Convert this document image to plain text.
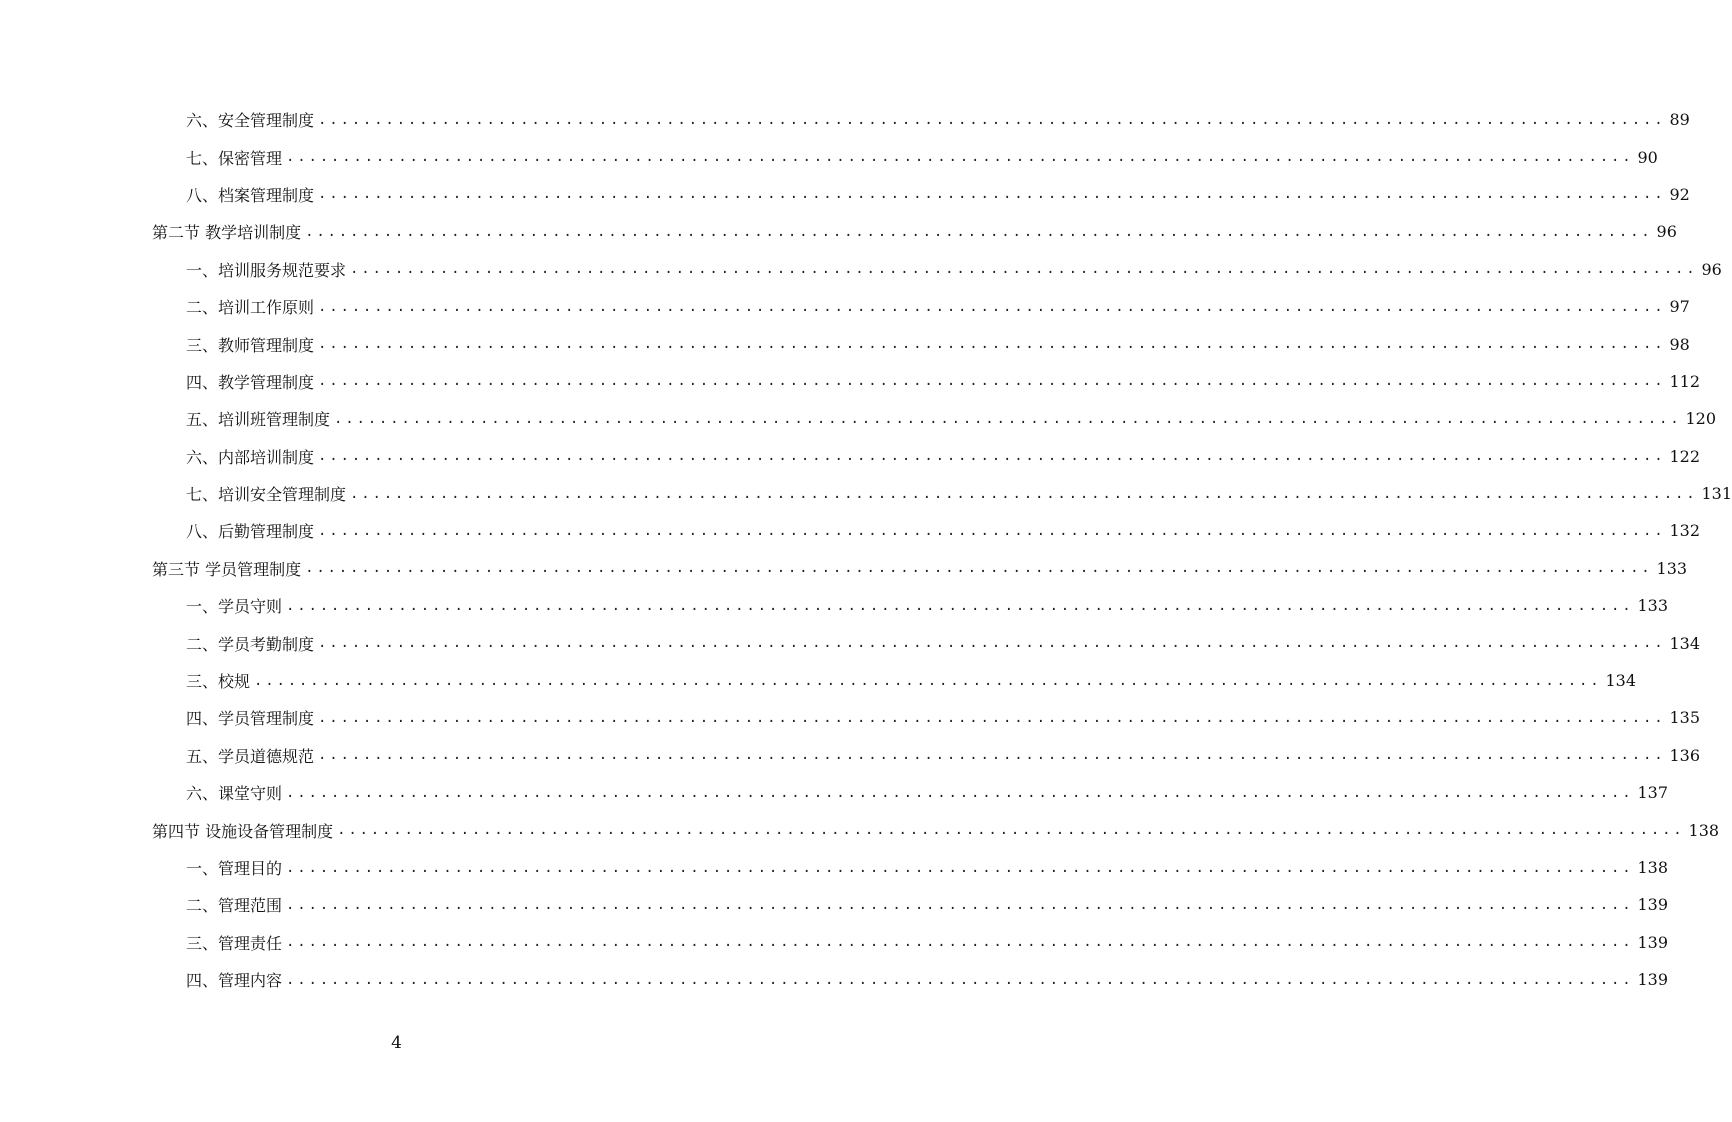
六、安全管理制度 ........................................................................................................................ 89
七、保密管理 ........................................................................................................................ 90
八、档案管理制度 ........................................................................................................................ 92
第二节 教学培训制度 ........................................................................................................................ 96
一、培训服务规范要求 ........................................................................................................................ 96
二、培训工作原则 ........................................................................................................................ 97
三、教师管理制度 ........................................................................................................................ 98
四、教学管理制度 ........................................................................................................................ 112
五、培训班管理制度 ........................................................................................................................ 120
六、内部培训制度 ........................................................................................................................ 122
七、培训安全管理制度 ........................................................................................................................ 131
八、后勤管理制度 ........................................................................................................................ 132
第三节 学员管理制度 ........................................................................................................................ 133
一、学员守则 ........................................................................................................................ 133
二、学员考勤制度 ........................................................................................................................ 134
三、校规 ........................................................................................................................ 134
四、学员管理制度 ........................................................................................................................ 135
五、学员道德规范 ........................................................................................................................ 136
六、课堂守则 ........................................................................................................................ 137
第四节 设施设备管理制度 ........................................................................................................................ 138
一、管理目的 ........................................................................................................................ 138
二、管理范围 ........................................................................................................................ 139
三、管理责任 ........................................................................................................................ 139
四、管理内容 ........................................................................................................................ 139
4
